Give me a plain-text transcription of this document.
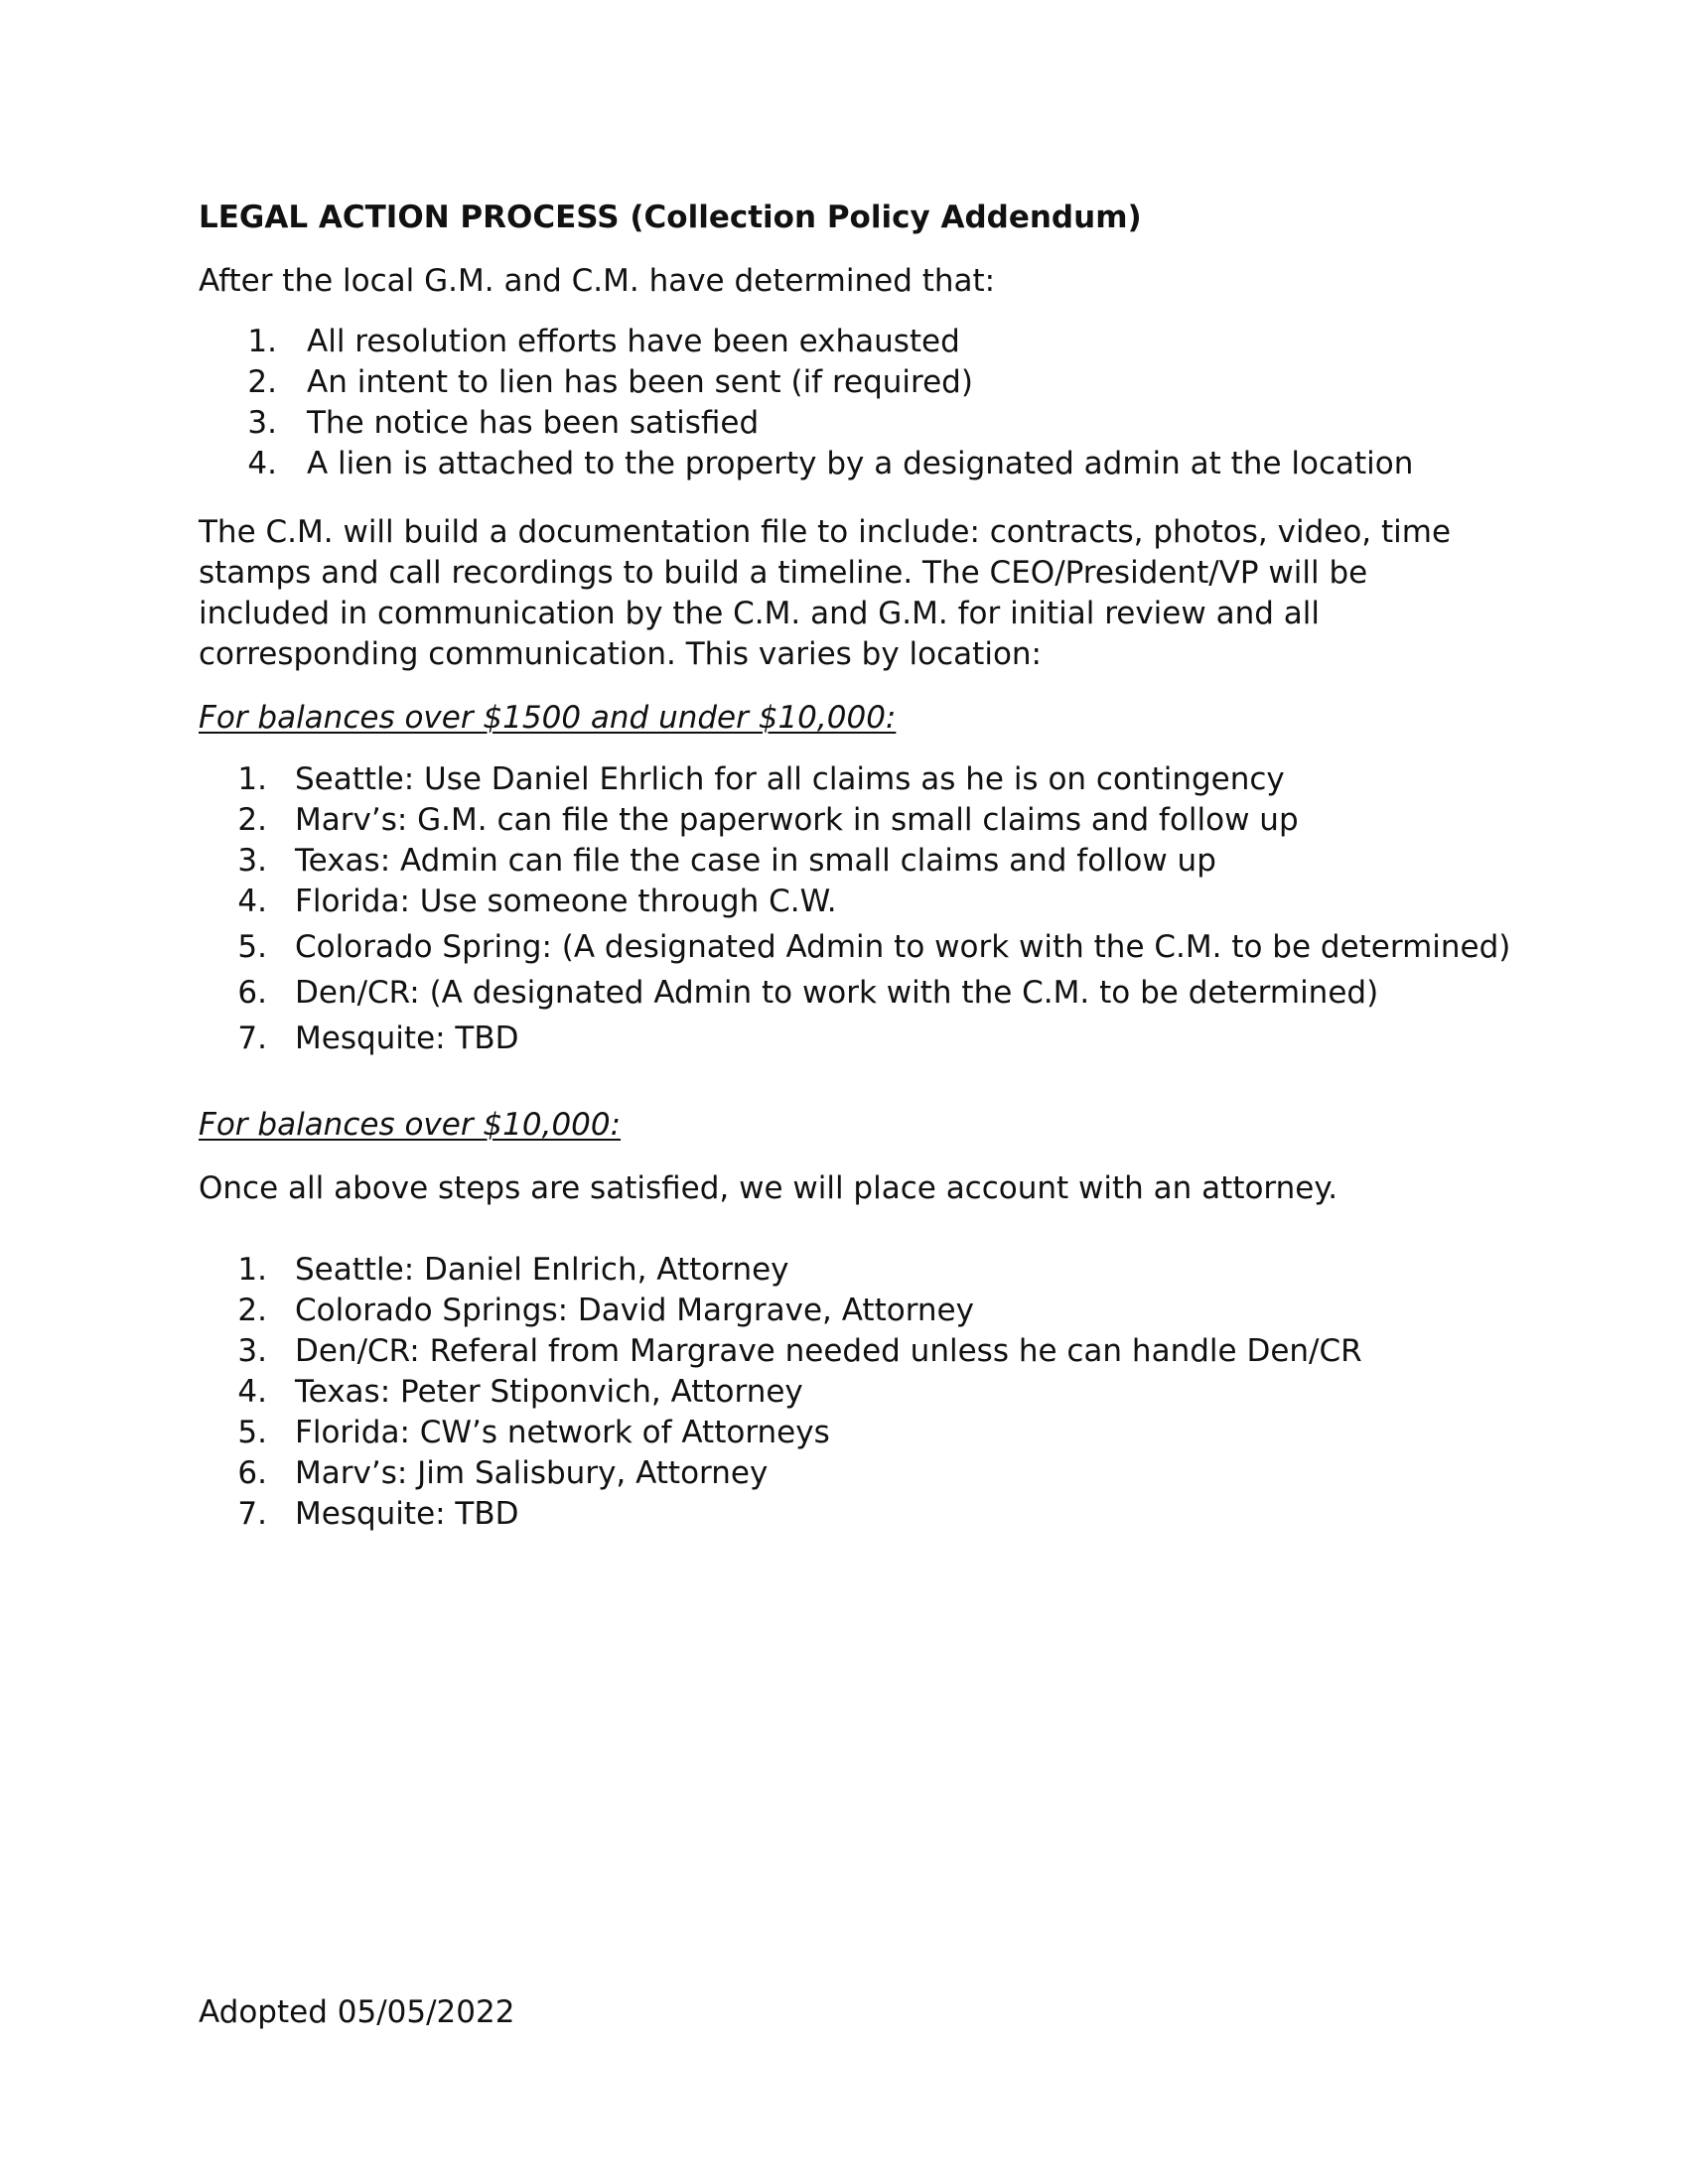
LEGAL ACTION PROCESS (Collection Policy Addendum)

After the local G.M. and C.M. have determined that:

1. All resolution efforts have been exhausted
2. An intent to lien has been sent (if required)
3. The notice has been satisfied
4. A lien is attached to the property by a designated admin at the location
The C.M. will build a documentation file to include: contracts, photos, video, time
stamps and call recordings to build a timeline. The CEO/President/VP will be
included in communication by the C.M. and G.M. for initial review and all
corresponding communication. This varies by location:

For balances over $1500 and under $10,000:

1. Seattle: Use Daniel Ehrlich for all claims as he is on contingency
2. Marv’s: G.M. can file the paperwork in small claims and follow up
3. Texas: Admin can file the case in small claims and follow up
4. Florida: Use someone through C.W.
5. Colorado Spring: (A designated Admin to work with the C.M. to be determined)
6. Den/CR: (A designated Admin to work with the C.M. to be determined)
7. Mesquite: TBD

For balances over $10,000:

Once all above steps are satisfied, we will place account with an attorney.

1. Seattle: Daniel Enlrich, Attorney
2. Colorado Springs: David Margrave, Attorney
3. Den/CR: Referal from Margrave needed unless he can handle Den/CR
4. Texas: Peter Stiponvich, Attorney
5. Florida: CW’s network of Attorneys
6. Marv’s: Jim Salisbury, Attorney
7. Mesquite: TBD

Adopted 05/05/2022
